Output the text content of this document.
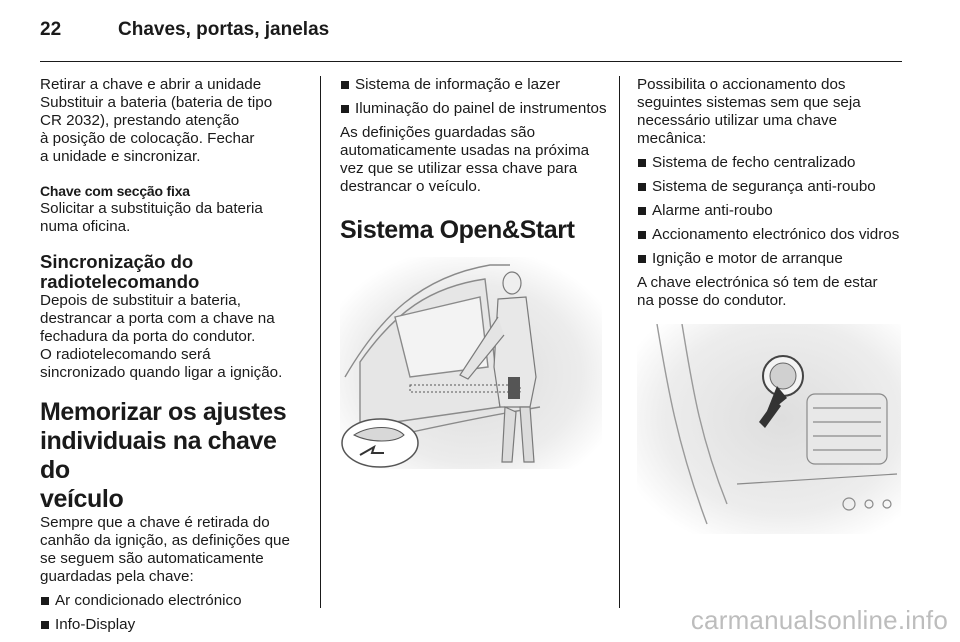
22	Chaves, portas, janelas

Retirar a chave e abrir a unidade
Substituir a bateria (bateria de tipo
CR 2032), prestando atenção
à posição de colocação. Fechar
a unidade e sincronizar.

Chave com secção fixa

Solicitar a substituição da bateria
numa oficina.

Sincronização do
radiotelecomando

Depois de substituir a bateria,
destrancar a porta com a chave na
fechadura da porta do condutor.
O radiotelecomando será
sincronizado quando ligar a ignição.

Memorizar os ajustes
individuais na chave do
veículo

Sempre que a chave é retirada do
canhão da ignição, as definições que
se seguem são automaticamente
guardadas pela chave:

Ar condicionado electrónico
Info-Display
Sistema de informação e lazer
Iluminação do painel de instrumentos

As definições guardadas são
automaticamente usadas na próxima
vez que se utilizar essa chave para
destrancar o veículo.

Sistema Open&Start

Possibilita o accionamento dos
seguintes sistemas sem que seja
necessário utilizar uma chave
mecânica:

Sistema de fecho centralizado
Sistema de segurança anti-roubo
Alarme anti-roubo
Accionamento electrónico dos vidros
Ignição e motor de arranque

A chave electrónica só tem de estar
na posse do condutor.

carmanualsonline.info
